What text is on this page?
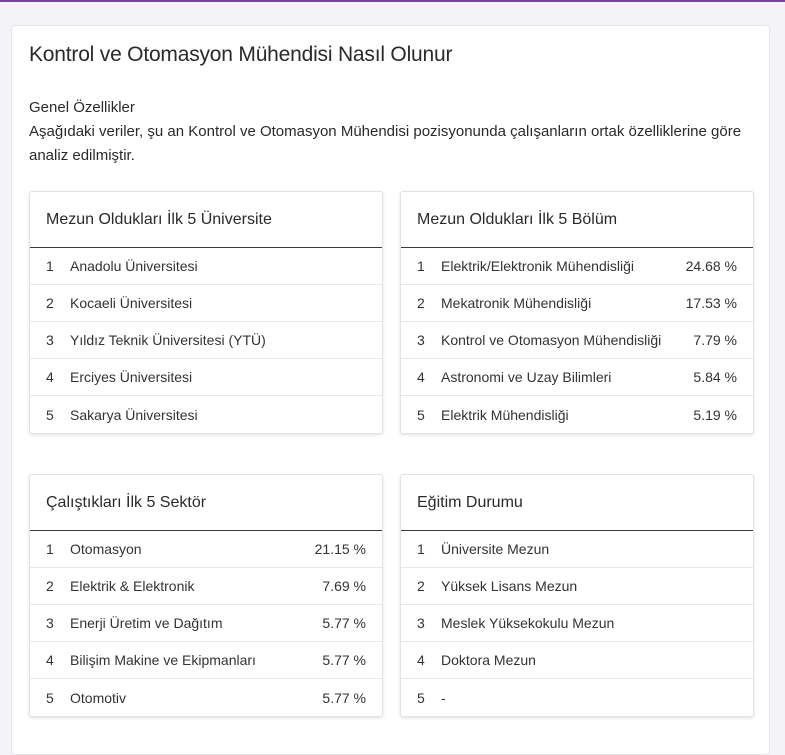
Kontrol ve Otomasyon Mühendisi Nasıl Olunur
Genel Özellikler
Aşağıdaki veriler, şu an Kontrol ve Otomasyon Mühendisi pozisyonunda çalışanların ortak özelliklerine göre analiz edilmiştir.
Mezun Oldukları İlk 5 Üniversite
1	Anadolu Üniversitesi
2	Kocaeli Üniversitesi
3	Yıldız Teknik Üniversitesi (YTÜ)
4	Erciyes Üniversitesi
5	Sakarya Üniversitesi
Mezun Oldukları İlk 5 Bölüm
1	Elektrik/Elektronik Mühendisliği	24.68 %
2	Mekatronik Mühendisliği	17.53 %
3	Kontrol ve Otomasyon Mühendisliği	7.79 %
4	Astronomi ve Uzay Bilimleri	5.84 %
5	Elektrik Mühendisliği	5.19 %
Çalıştıkları İlk 5 Sektör
1	Otomasyon	21.15 %
2	Elektrik & Elektronik	7.69 %
3	Enerji Üretim ve Dağıtım	5.77 %
4	Bilişim Makine ve Ekipmanları	5.77 %
5	Otomotiv	5.77 %
Eğitim Durumu
1	Üniversite Mezun
2	Yüksek Lisans Mezun
3	Meslek Yüksekokulu Mezun
4	Doktora Mezun
5	-
